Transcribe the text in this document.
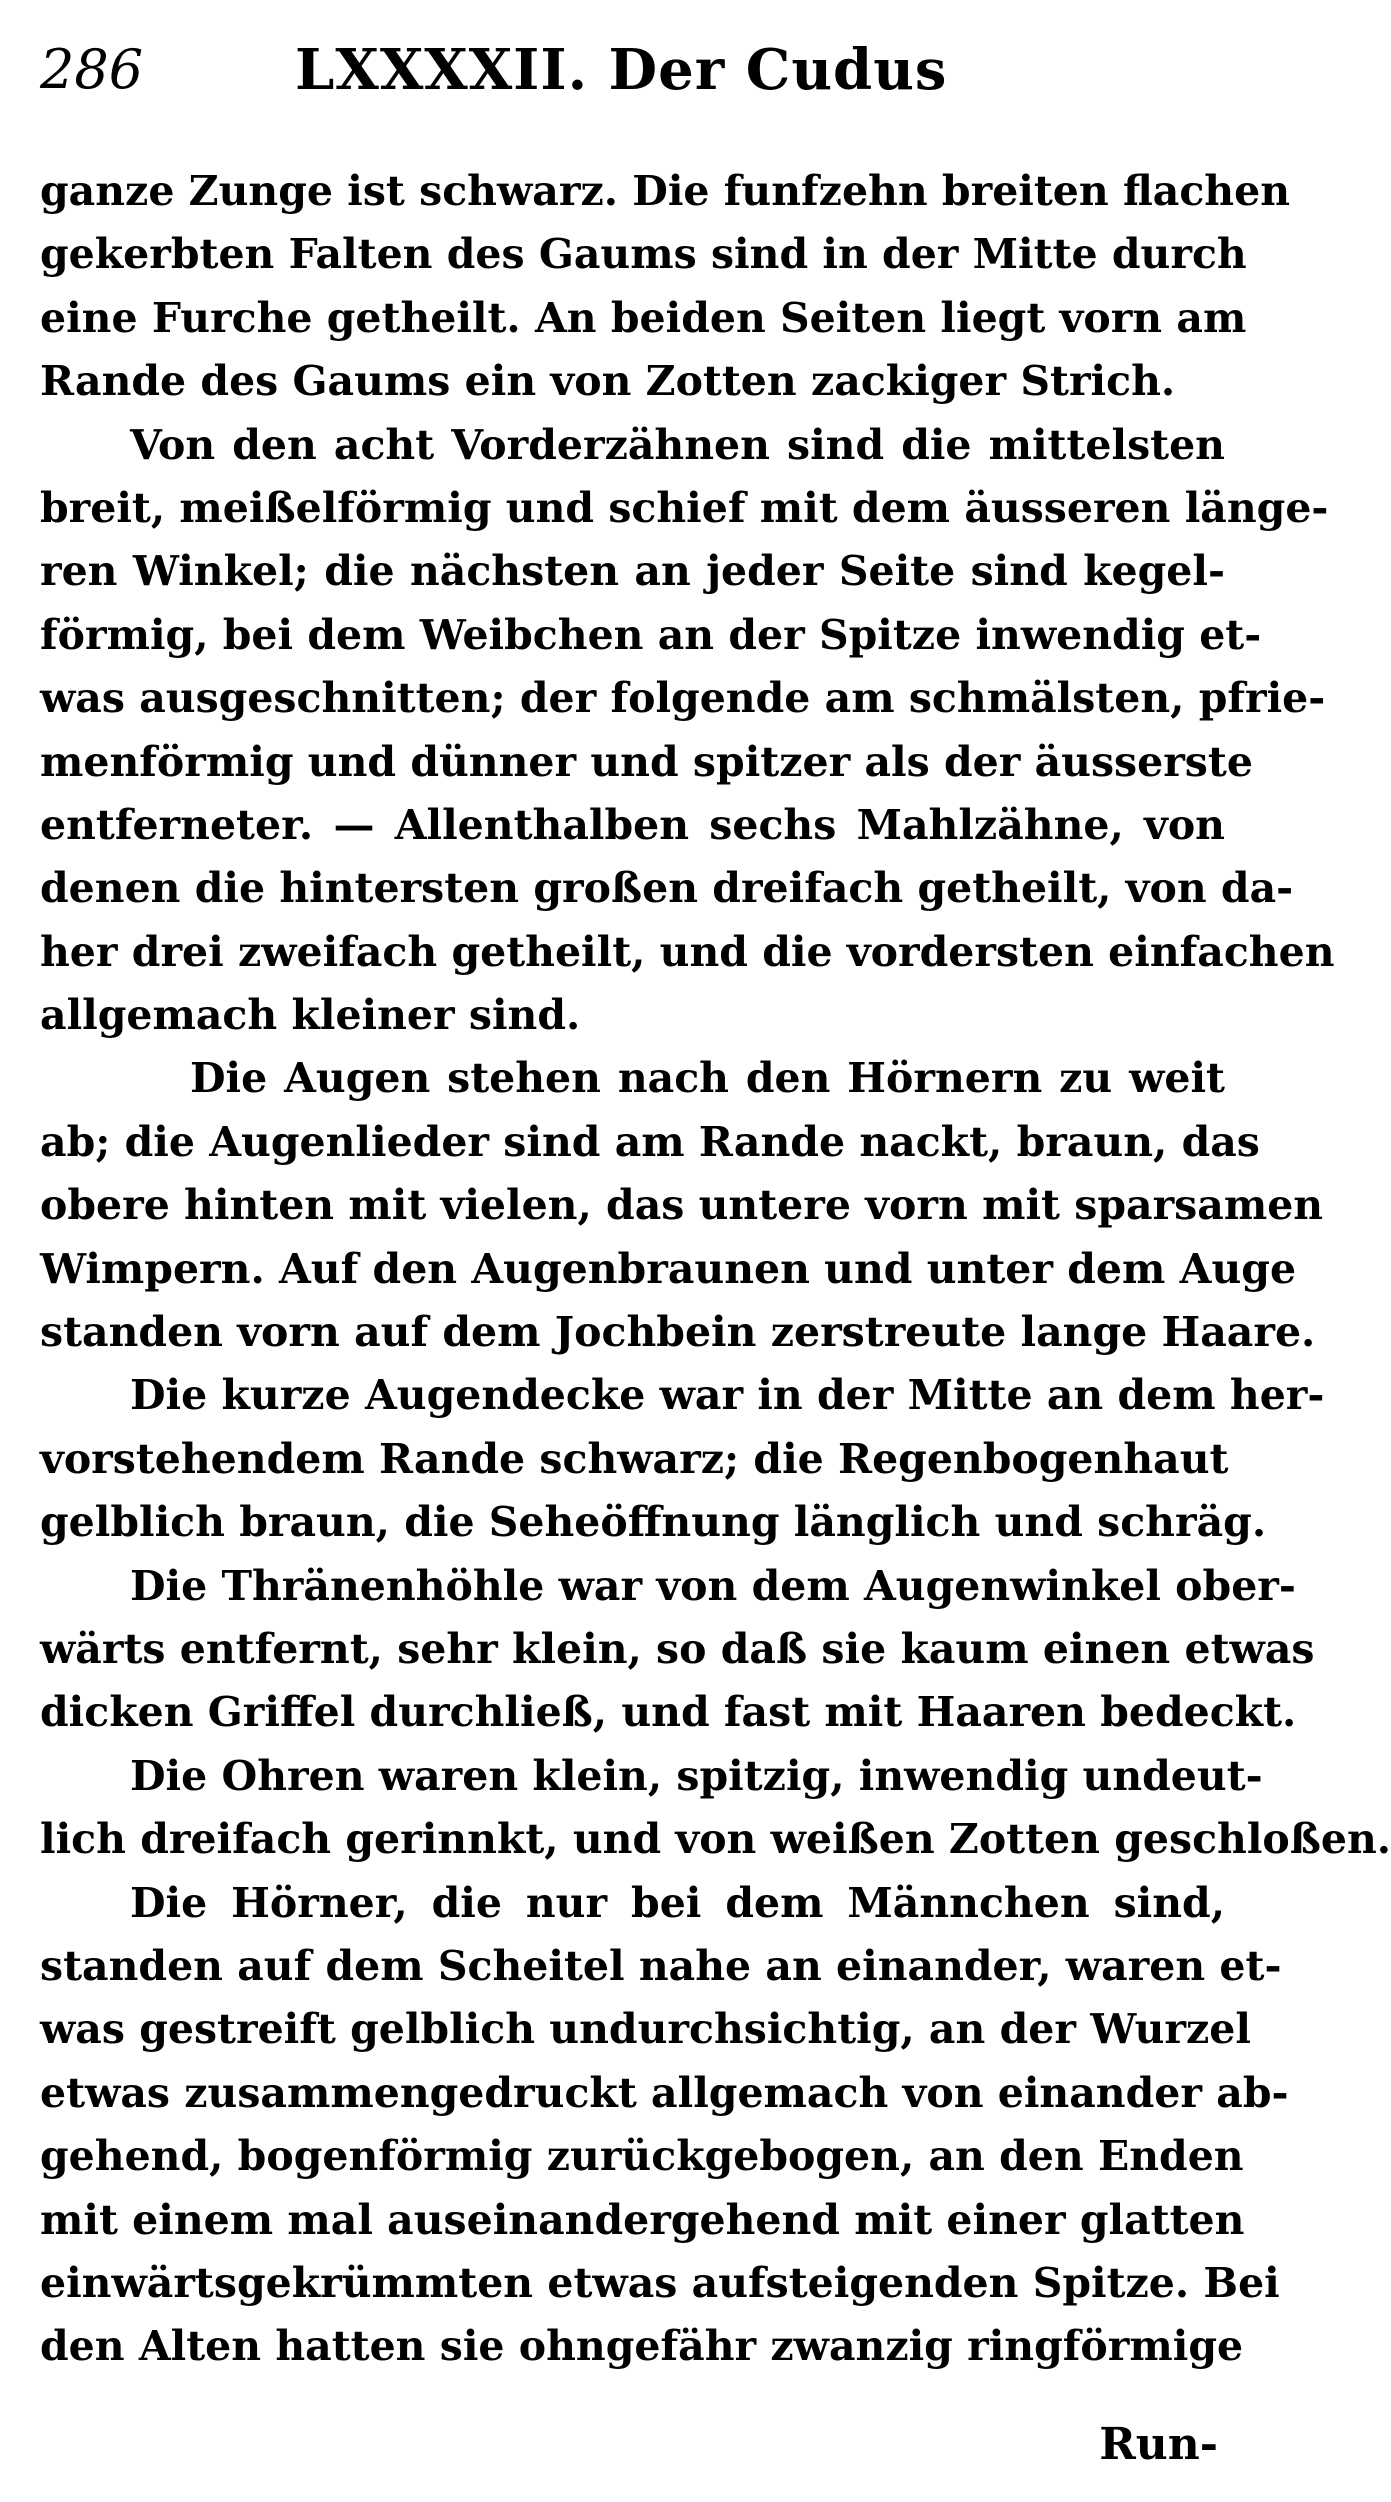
286	LXXXXII. Der Cudus
ganze Zunge ist schwarz. Die funfzehn breiten flachen
gekerbten Falten des Gaums sind in der Mitte durch
eine Furche getheilt. An beiden Seiten liegt vorn am
Rande des Gaums ein von Zotten zackiger Strich.
Von den acht Vorderzähnen sind die mittelsten
breit, meißelförmig und schief mit dem äusseren länge-
ren Winkel; die nächsten an jeder Seite sind kegel-
förmig, bei dem Weibchen an der Spitze inwendig et-
was ausgeschnitten; der folgende am schmälsten, pfrie-
menförmig und dünner und spitzer als der äusserste
entferneter. — Allenthalben sechs Mahlzähne, von
denen die hintersten großen dreifach getheilt, von da-
her drei zweifach getheilt, und die vordersten einfachen
allgemach kleiner sind.
Die Augen stehen nach den Hörnern zu weit
ab; die Augenlieder sind am Rande nackt, braun, das
obere hinten mit vielen, das untere vorn mit sparsamen
Wimpern. Auf den Augenbraunen und unter dem Auge
standen vorn auf dem Jochbein zerstreute lange Haare.
Die kurze Augendecke war in der Mitte an dem her-
vorstehendem Rande schwarz; die Regenbogenhaut
gelblich braun, die Seheöffnung länglich und schräg.
Die Thränenhöhle war von dem Augenwinkel ober-
wärts entfernt, sehr klein, so daß sie kaum einen etwas
dicken Griffel durchließ, und fast mit Haaren bedeckt.
Die Ohren waren klein, spitzig, inwendig undeut-
lich dreifach gerinnkt, und von weißen Zotten geschloßen.
Die Hörner, die nur bei dem Männchen sind,
standen auf dem Scheitel nahe an einander, waren et-
was gestreift gelblich undurchsichtig, an der Wurzel
etwas zusammengedruckt allgemach von einander ab-
gehend, bogenförmig zurückgebogen, an den Enden
mit einem mal auseinandergehend mit einer glatten
einwärtsgekrümmten etwas aufsteigenden Spitze. Bei
den Alten hatten sie ohngefähr zwanzig ringförmige
Run-
